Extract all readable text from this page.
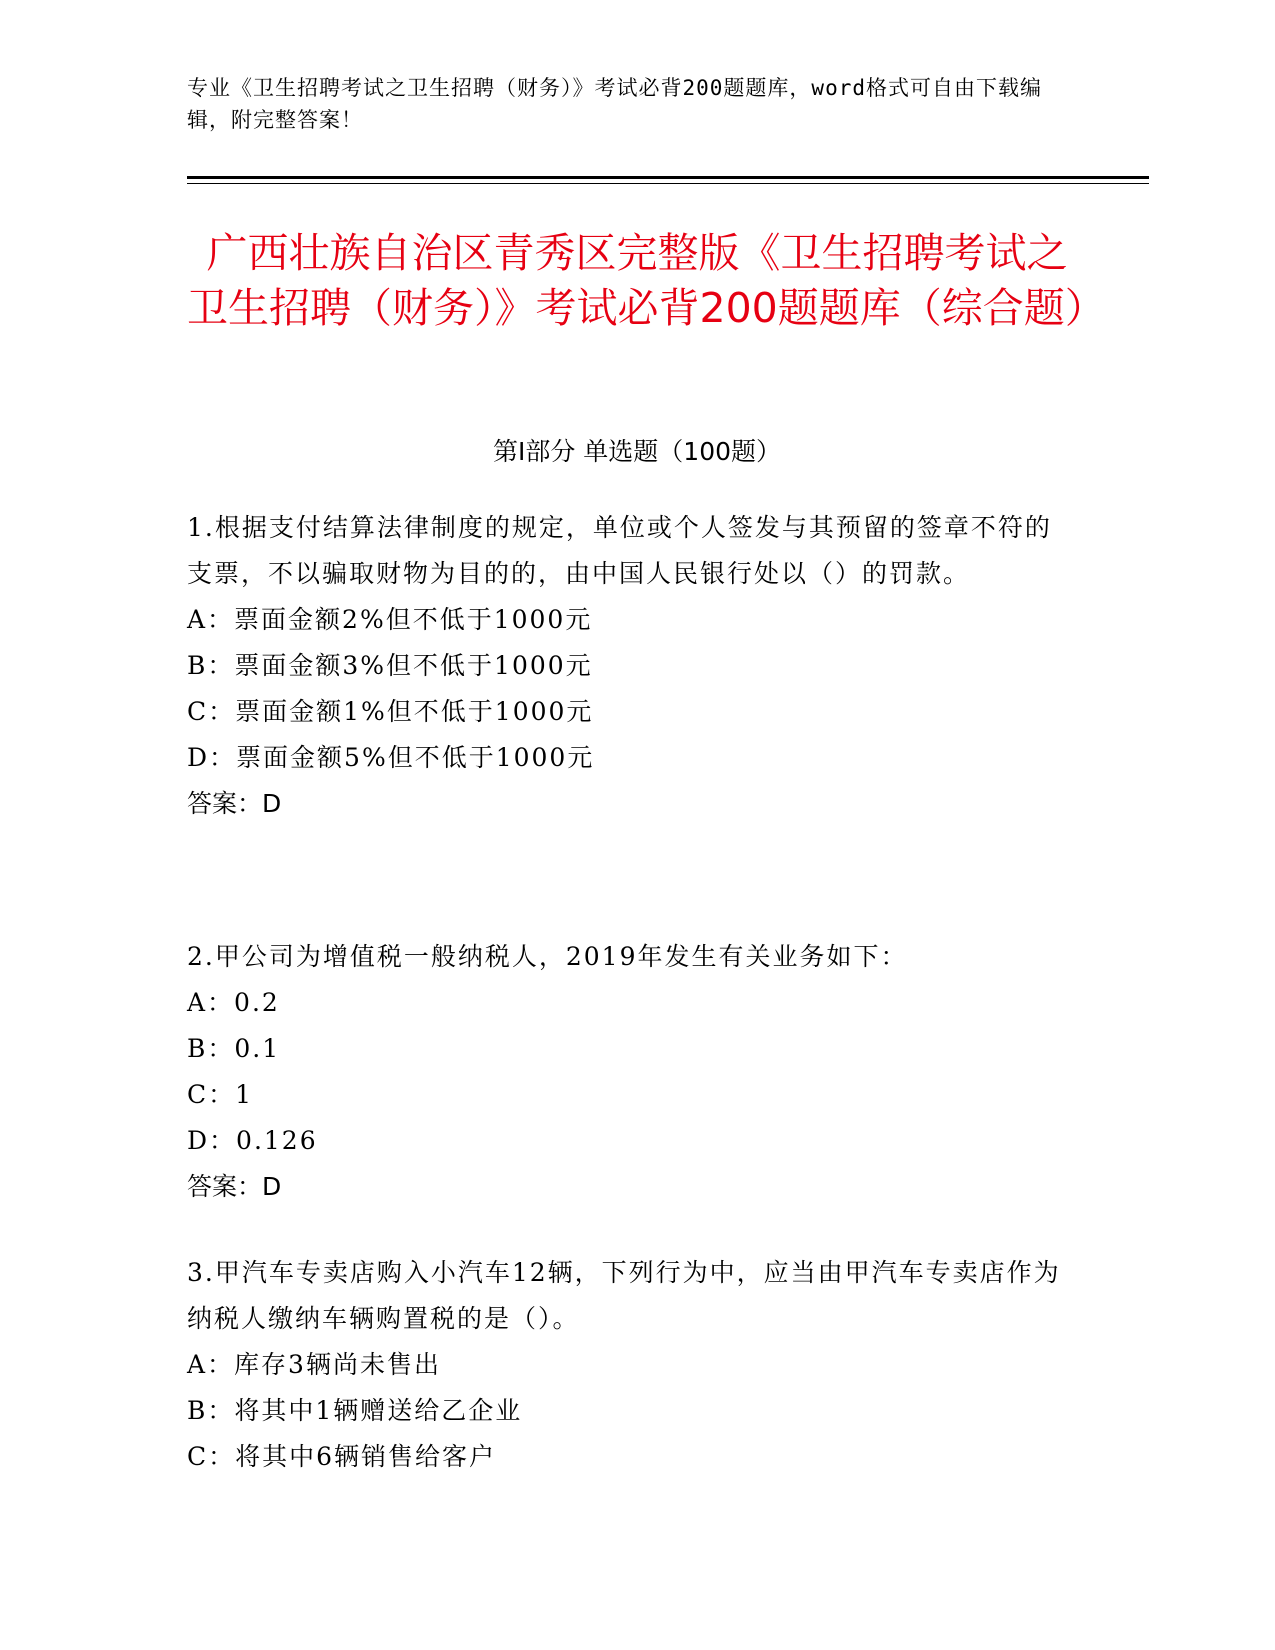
专业《卫生招聘考试之卫生招聘（财务）》考试必背200题题库，word格式可自由下载编辑，附完整答案！
广西壮族自治区青秀区完整版《卫生招聘考试之卫生招聘（财务）》考试必背200题题库（综合题）
第I部分 单选题（100题）

1.根据支付结算法律制度的规定，单位或个人签发与其预留的签章不符的支票，不以骗取财物为目的的，由中国人民银行处以（）的罚款。

A：票面金额2%但不低于1000元

B：票面金额3%但不低于1000元

C：票面金额1%但不低于1000元

D：票面金额5%但不低于1000元

答案：D

2.甲公司为增值税一般纳税人，2019年发生有关业务如下：

A：0.2

B：0.1

C：1

D：0.126

答案：D

3.甲汽车专卖店购入小汽车12辆，下列行为中，应当由甲汽车专卖店作为纳税人缴纳车辆购置税的是（）。

A：库存3辆尚未售出

B：将其中1辆赠送给乙企业

C：将其中6辆销售给客户
